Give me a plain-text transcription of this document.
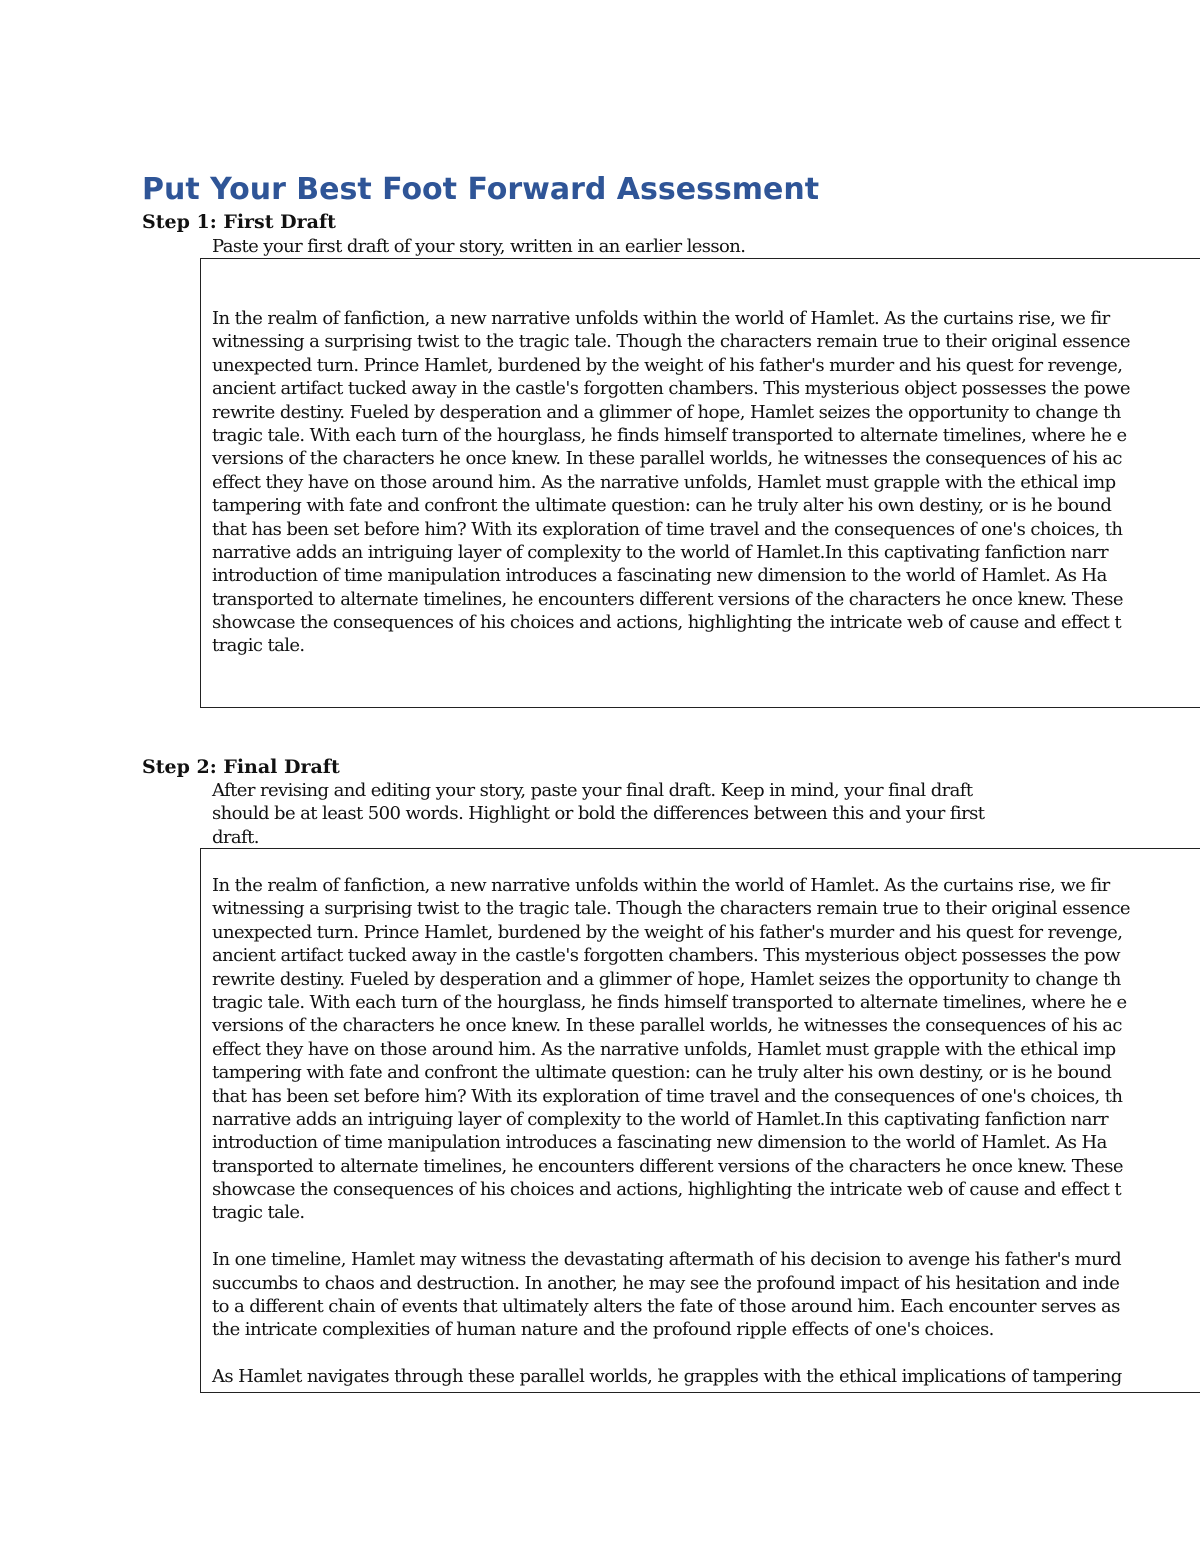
Put Your Best Foot Forward Assessment
Step 1: First Draft

Paste your first draft of your story, written in an earlier lesson.

In the realm of fanfiction, a new narrative unfolds within the world of Hamlet. As the curtains rise, we fir
witnessing a surprising twist to the tragic tale. Though the characters remain true to their original essence
unexpected turn. Prince Hamlet, burdened by the weight of his father's murder and his quest for revenge,
ancient artifact tucked away in the castle's forgotten chambers. This mysterious object possesses the powe
rewrite destiny. Fueled by desperation and a glimmer of hope, Hamlet seizes the opportunity to change th
tragic tale. With each turn of the hourglass, he finds himself transported to alternate timelines, where he e
versions of the characters he once knew. In these parallel worlds, he witnesses the consequences of his ac
effect they have on those around him. As the narrative unfolds, Hamlet must grapple with the ethical imp
tampering with fate and confront the ultimate question: can he truly alter his own destiny, or is he bound
that has been set before him? With its exploration of time travel and the consequences of one's choices, th
narrative adds an intriguing layer of complexity to the world of Hamlet.In this captivating fanfiction narr
introduction of time manipulation introduces a fascinating new dimension to the world of Hamlet. As Ha
transported to alternate timelines, he encounters different versions of the characters he once knew. These
showcase the consequences of his choices and actions, highlighting the intricate web of cause and effect t
tragic tale.
Step 2: Final Draft
After revising and editing your story, paste your final draft. Keep in mind, your final draft
should be at least 500 words. Highlight or bold the differences between this and your first
draft.
In the realm of fanfiction, a new narrative unfolds within the world of Hamlet. As the curtains rise, we fir
witnessing a surprising twist to the tragic tale. Though the characters remain true to their original essence
unexpected turn. Prince Hamlet, burdened by the weight of his father's murder and his quest for revenge,
ancient artifact tucked away in the castle's forgotten chambers. This mysterious object possesses the pow
rewrite destiny. Fueled by desperation and a glimmer of hope, Hamlet seizes the opportunity to change th
tragic tale. With each turn of the hourglass, he finds himself transported to alternate timelines, where he e
versions of the characters he once knew. In these parallel worlds, he witnesses the consequences of his ac
effect they have on those around him. As the narrative unfolds, Hamlet must grapple with the ethical imp
tampering with fate and confront the ultimate question: can he truly alter his own destiny, or is he bound
that has been set before him? With its exploration of time travel and the consequences of one's choices, th
narrative adds an intriguing layer of complexity to the world of Hamlet.In this captivating fanfiction narr
introduction of time manipulation introduces a fascinating new dimension to the world of Hamlet. As Ha
transported to alternate timelines, he encounters different versions of the characters he once knew. These
showcase the consequences of his choices and actions, highlighting the intricate web of cause and effect t
tragic tale.
In one timeline, Hamlet may witness the devastating aftermath of his decision to avenge his father's murd
succumbs to chaos and destruction. In another, he may see the profound impact of his hesitation and inde
to a different chain of events that ultimately alters the fate of those around him. Each encounter serves as
the intricate complexities of human nature and the profound ripple effects of one's choices.
As Hamlet navigates through these parallel worlds, he grapples with the ethical implications of tampering
